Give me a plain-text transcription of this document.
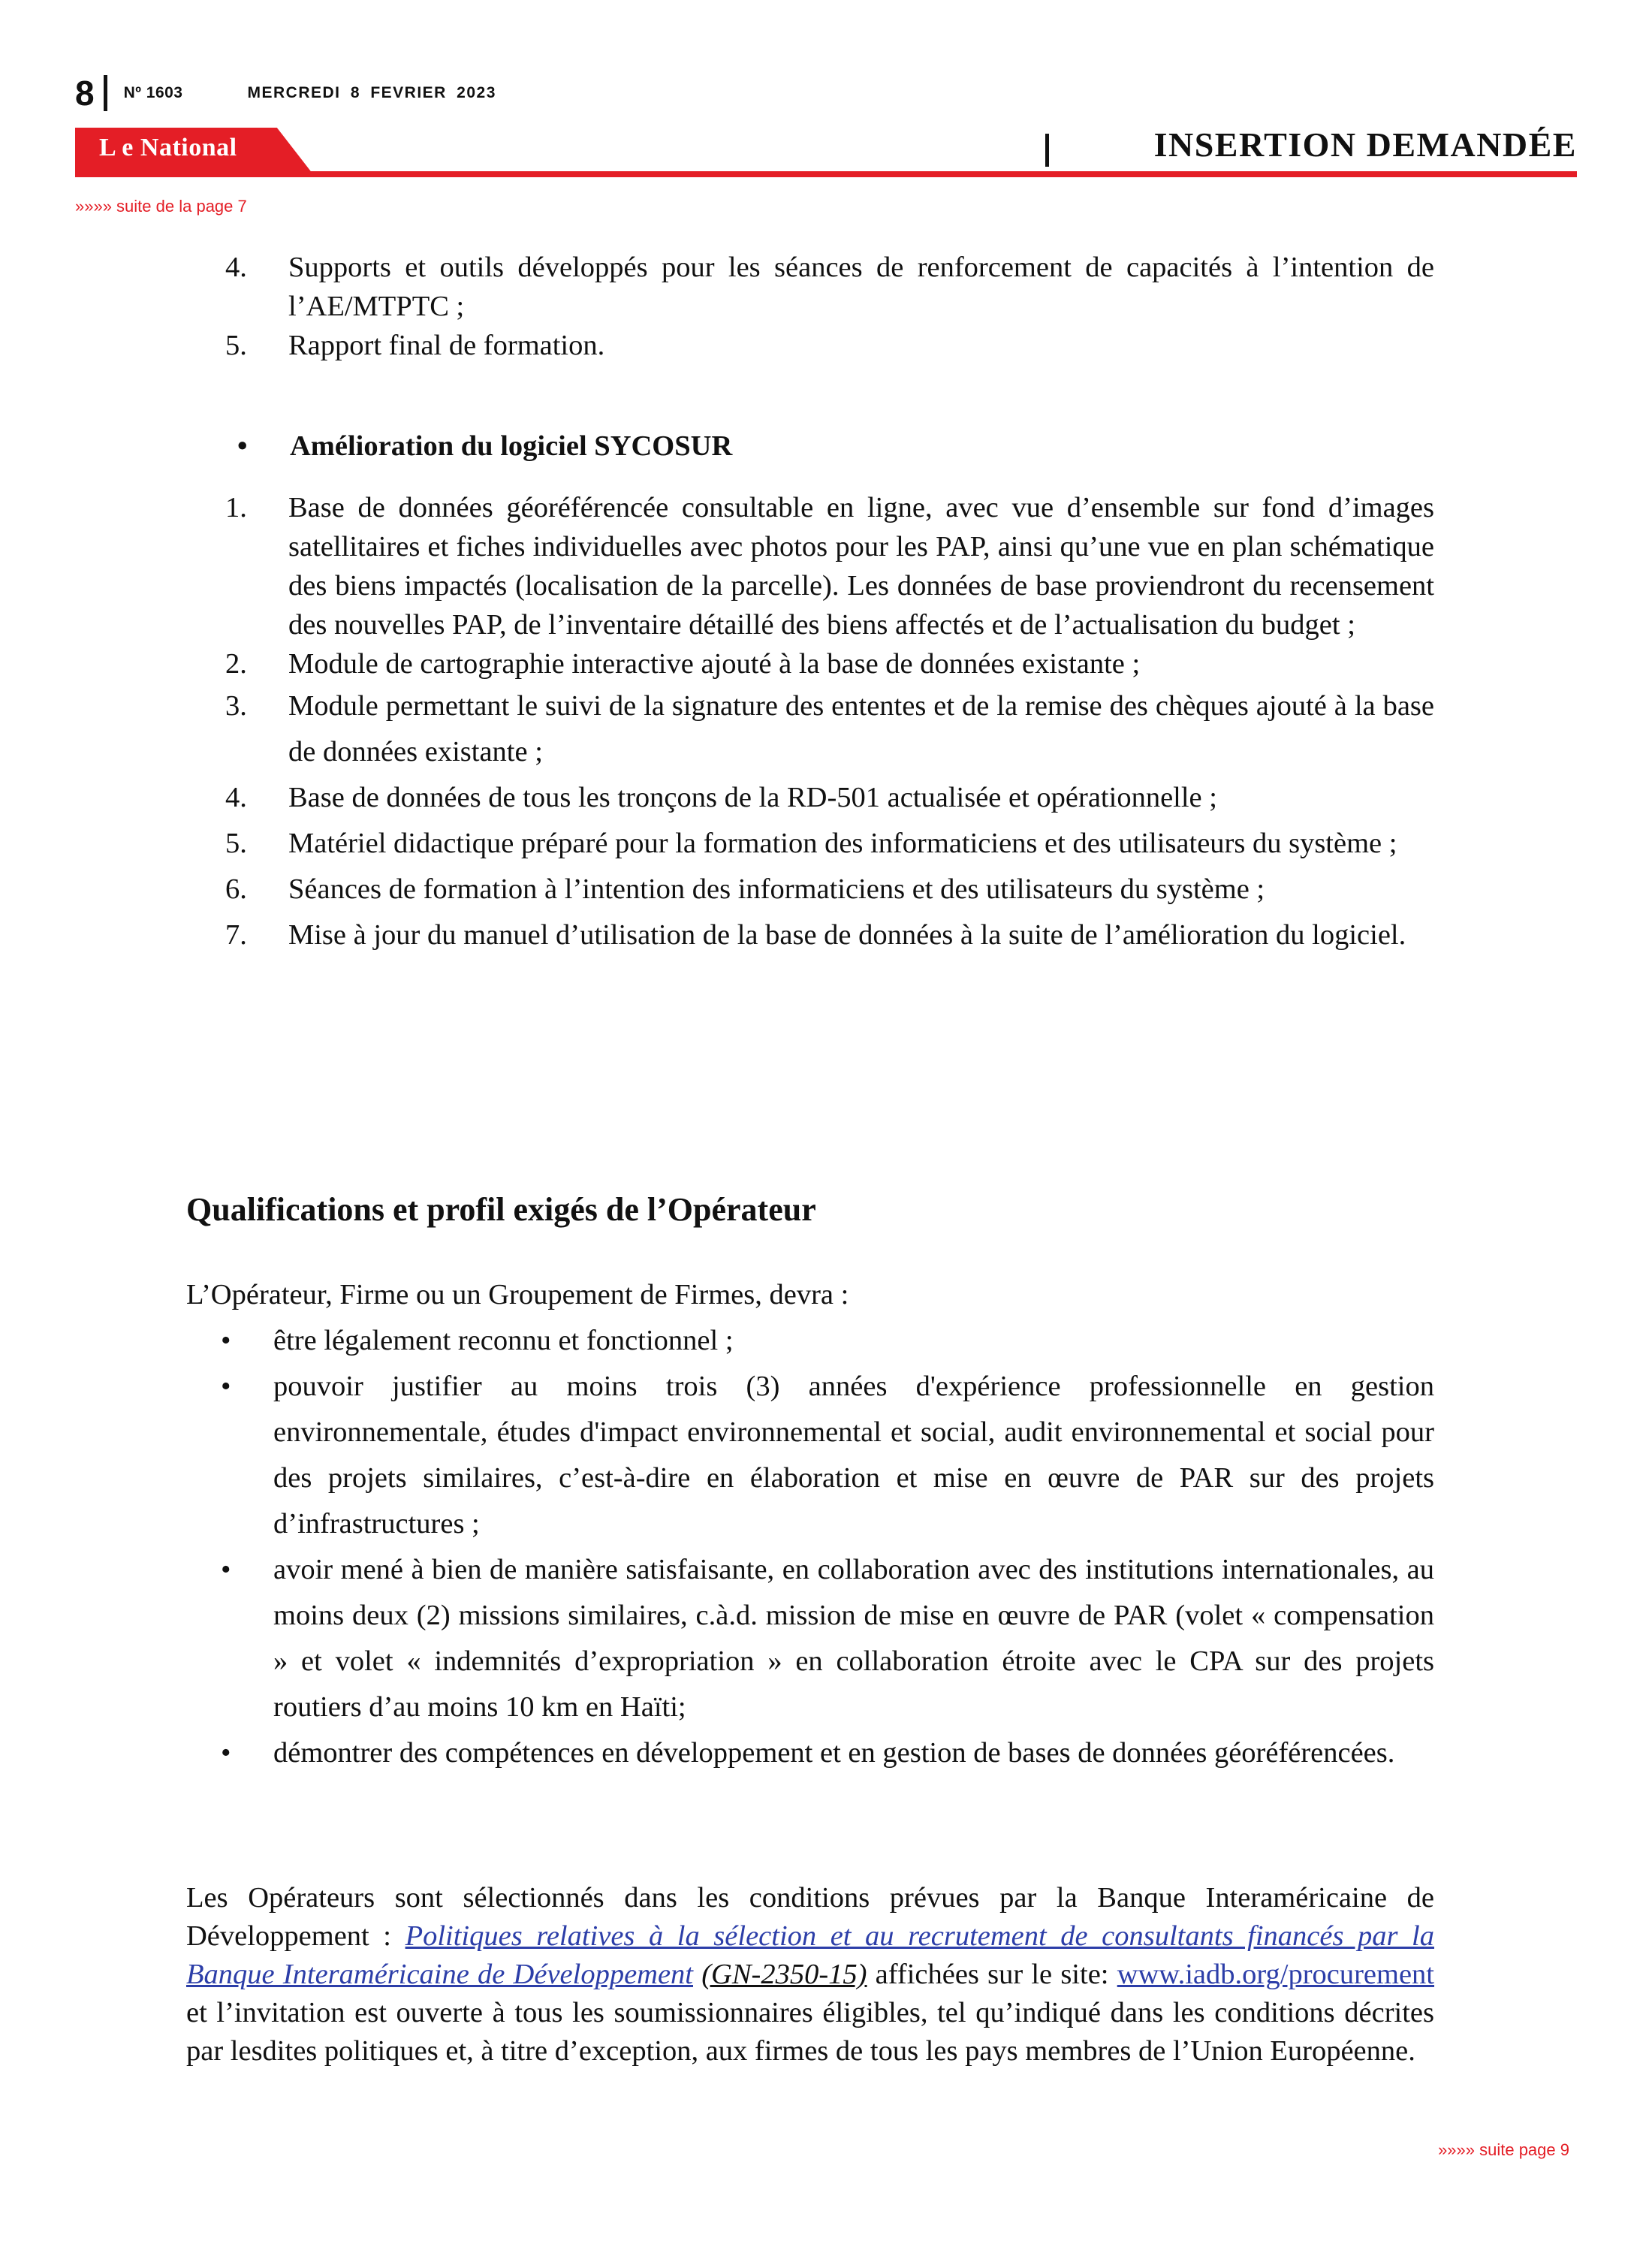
8 Nº 1603	MERCREDI 8 FEVRIER 2023
L e National	INSERTION DEMANDÉE
»»»» suite de la page 7
4. Supports et outils développés pour les séances de renforcement de capacités à l’intention de l’AE/MTPTC ;
5. Rapport final de formation.
• Amélioration du logiciel SYCOSUR
1. Base de données géoréférencée consultable en ligne, avec vue d’ensemble sur fond d’images satellitaires et fiches individuelles avec photos pour les PAP, ainsi qu’une vue en plan schématique des biens impactés (localisation de la parcelle). Les données de base proviendront du recensement des nouvelles PAP, de l’inventaire détaillé des biens affectés et de l’actualisation du budget ;
2. Module de cartographie interactive ajouté à la base de données existante ;
3. Module permettant le suivi de la signature des ententes et de la remise des chèques ajouté à la base de données existante ;
4. Base de données de tous les tronçons de la RD-501 actualisée et opérationnelle ;
5. Matériel didactique préparé pour la formation des informaticiens et des utilisateurs du système ;
6. Séances de formation à l’intention des informaticiens et des utilisateurs du système ;
7. Mise à jour du manuel d’utilisation de la base de données à la suite de l’amélioration du logiciel.
Qualifications et profil exigés de l’Opérateur
L’Opérateur, Firme ou un Groupement de Firmes, devra :
• être légalement reconnu et fonctionnel ;
• pouvoir justifier au moins trois (3) années d'expérience professionnelle en gestion environnementale, études d'impact environnemental et social, audit environnemental et social pour des projets similaires, c’est-à-dire en élaboration et mise en œuvre de PAR sur des projets d’infrastructures ;
• avoir mené à bien de manière satisfaisante, en collaboration avec des institutions internationales, au moins deux (2) missions similaires, c.à.d. mission de mise en œuvre de PAR (volet « compensation » et volet « indemnités d’expropriation » en collaboration étroite avec le CPA sur des projets routiers d’au moins 10 km en Haïti;
• démontrer des compétences en développement et en gestion de bases de données géoréférencées.
Les Opérateurs sont sélectionnés dans les conditions prévues par la Banque Interaméricaine de Développement : Politiques relatives à la sélection et au recrutement de consultants financés par la Banque Interaméricaine de Développement (GN-2350-15) affichées sur le site: www.iadb.org/procurement et l’invitation est ouverte à tous les soumissionnaires éligibles, tel qu’indiqué dans les conditions décrites par lesdites politiques et, à titre d’exception, aux firmes de tous les pays membres de l’Union Européenne.
»»»» suite page 9
